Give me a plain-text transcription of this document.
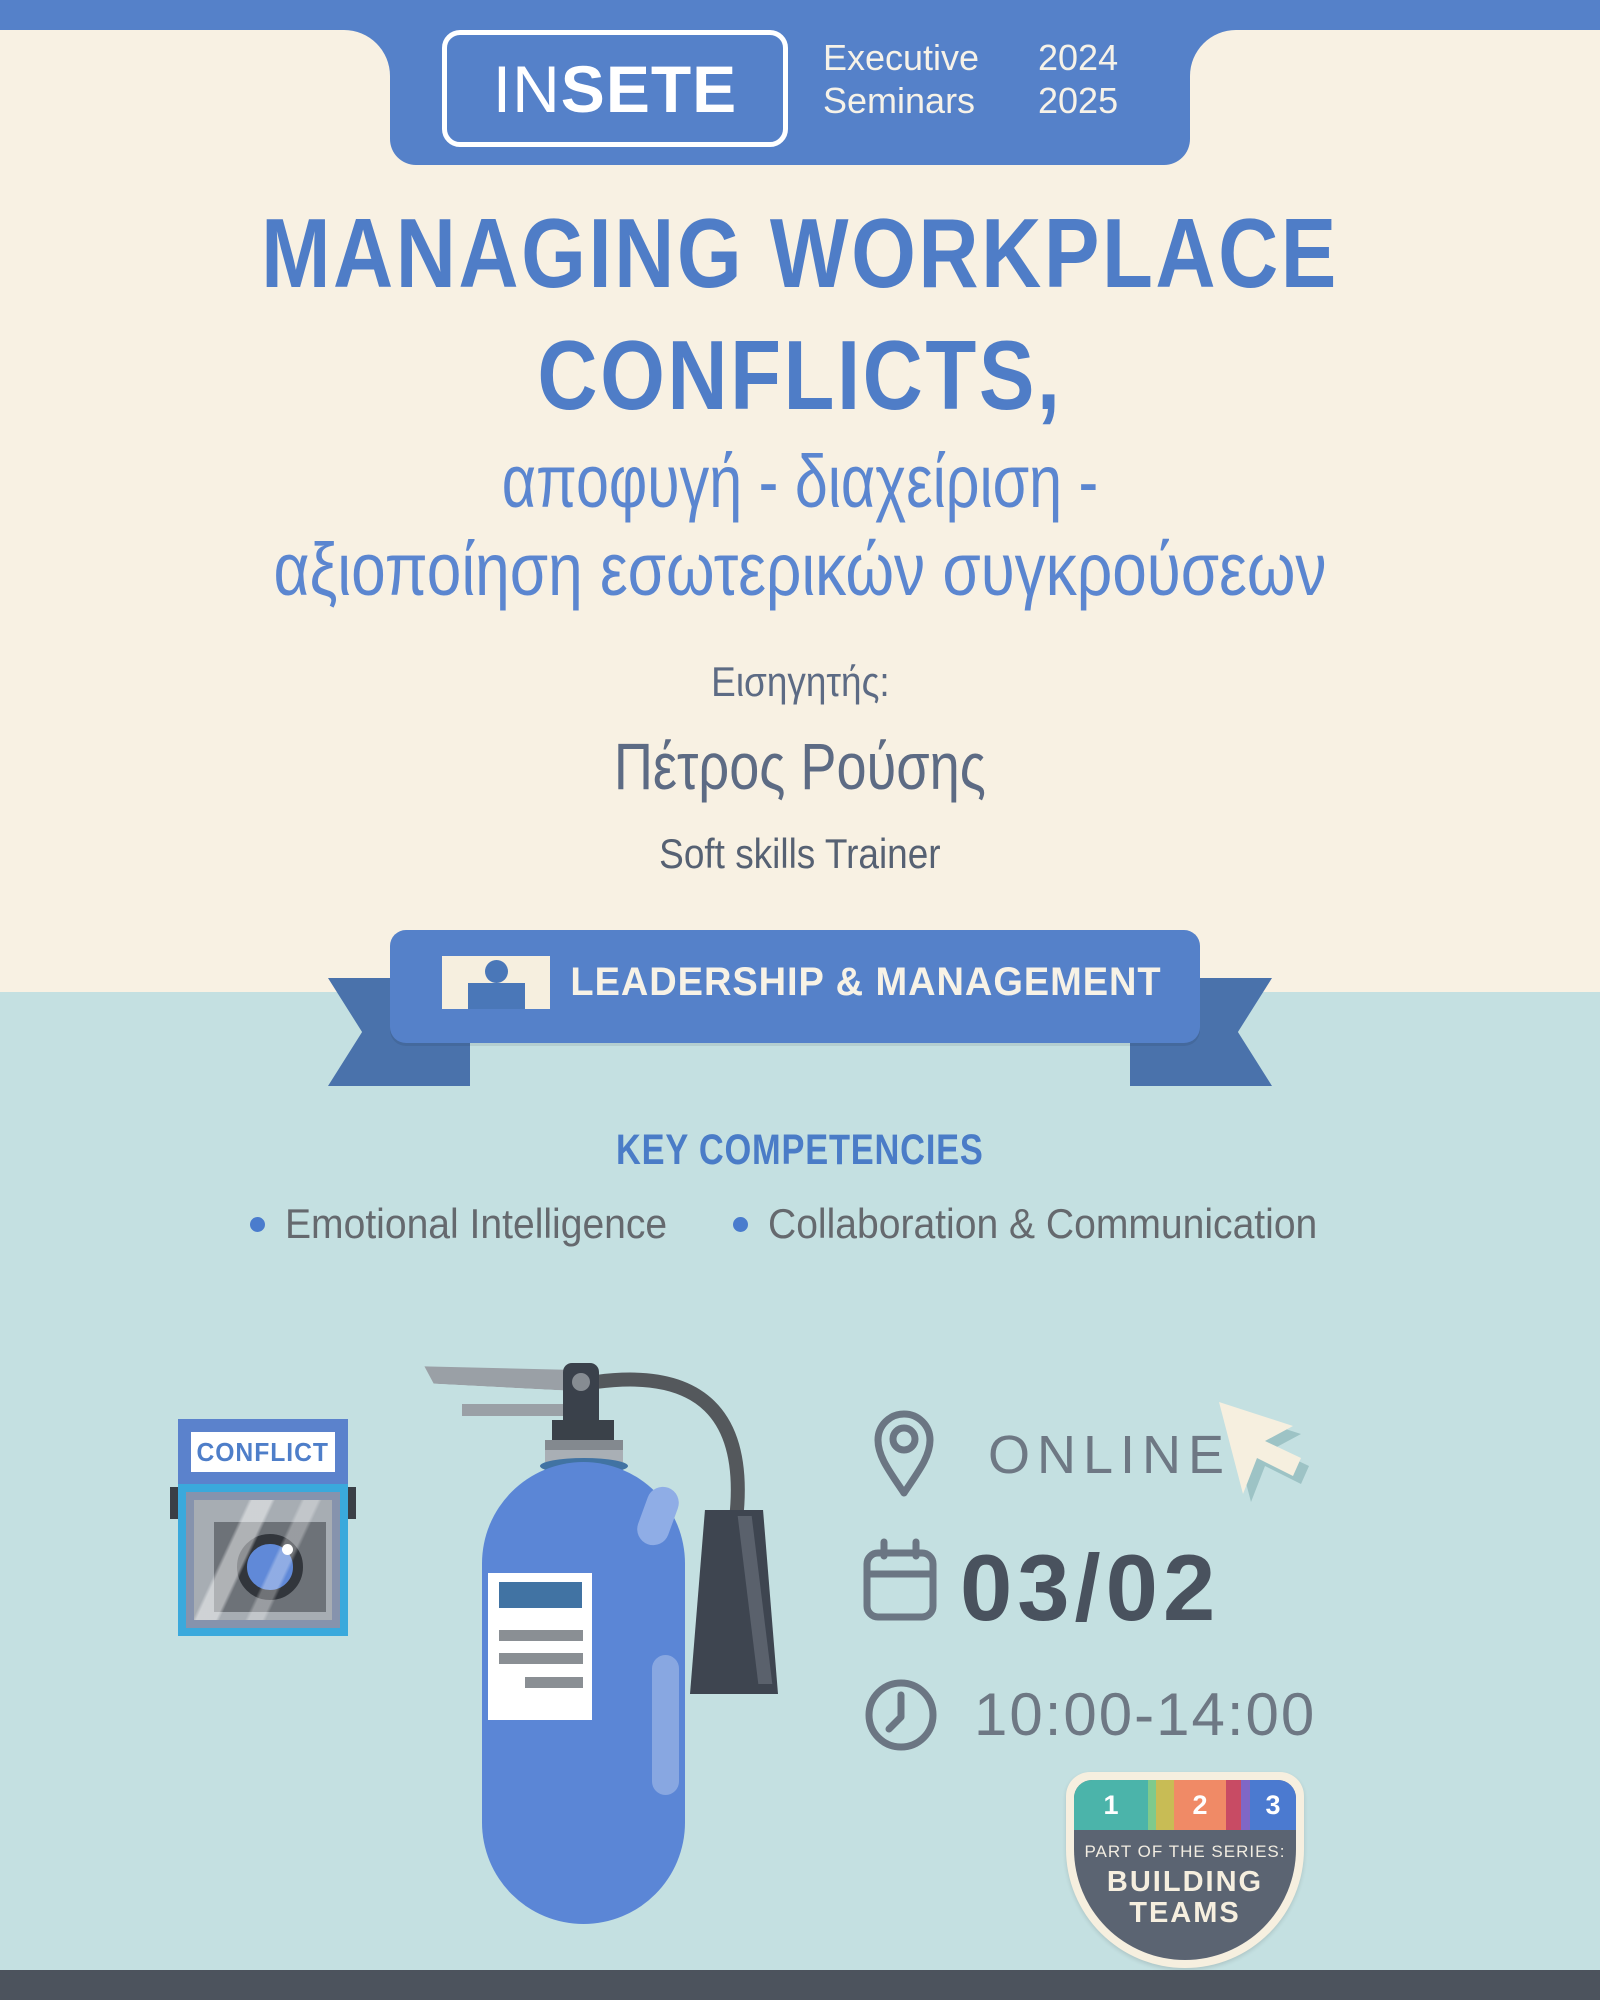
IN SETE Executive
Seminars
2024
2025
MANAGING WORKPLACE
CONFLICTS,
αποφυγή - διαχείριση -
αξιοποίηση εσωτερικών συγκρούσεων
Εισηγητής:
Πέτρος Ρούσης
Soft skills Trainer
LEADERSHIP & MANAGEMENT
KEY COMPETENCIES
Emotional Intelligence Collaboration & Communication
CONFLICT	ONLINE
03/02
10:00-14:00
1	2 3
PART OF THE SERIES:
BUILDING
TEAMS
